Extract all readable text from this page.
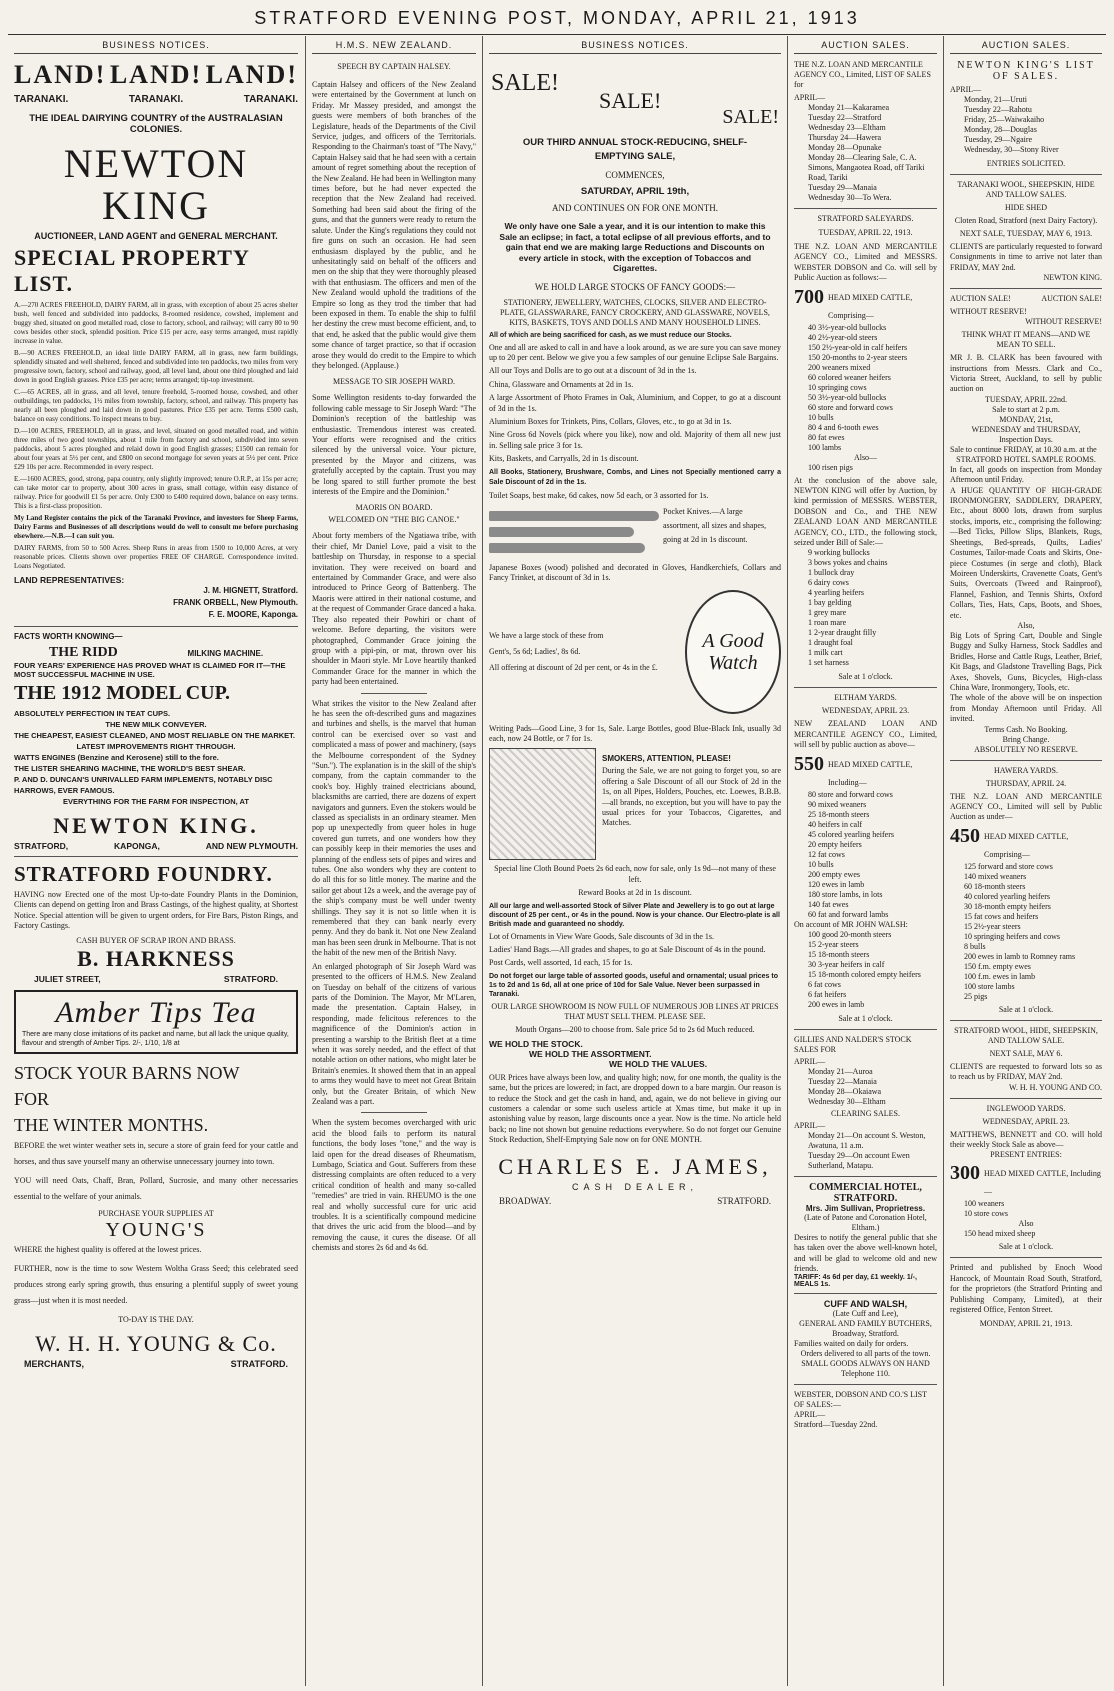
STRATFORD EVENING POST, MONDAY, APRIL 21, 1913
BUSINESS NOTICES.
LAND! LAND! LAND!
TARANAKI.	TARANAKI.	TARANAKI.
THE IDEAL DAIRYING COUNTRY of the AUSTRALASIAN COLONIES.
NEWTON KING
AUCTIONEER, LAND AGENT and GENERAL MERCHANT.
SPECIAL PROPERTY LIST.

A.—270 ACRES FREEHOLD, DAIRY FARM, all in grass, with exception of about 25 acres shelter bush, well fenced and subdivided into paddocks, 8-roomed residence, cowshed, implement and buggy shed, situated on good metalled road, close to factory, school, and railway; will carry 80 to 90 cows besides other stock, splendid position. Price £15 per acre, easy terms arranged, must rapidly increase in value.

B.—90 ACRES FREEHOLD, an ideal little DAIRY FARM, all in grass, new farm buildings, splendidly situated and well sheltered, fenced and subdivided into ten paddocks, two miles from very progressive town, factory, school and railway, good, all level land, about one third ploughed and laid down in good English grasses. Price £35 per acre; terms arranged; tip-top investment.

C.—65 ACRES, all in grass, and all level, tenure freehold, 5-roomed house, cowshed, and other outbuildings, ten paddocks, 1½ miles from township, factory, school, and railway. This property has nearly all been ploughed and laid down in good pastures. Price £35 per acre. Terms £500 cash, balance on easy conditions. To inspect means to buy.

D.—100 ACRES, FREEHOLD, all in grass, and level, situated on good metalled road, and within three miles of two good townships, about 1 mile from factory and school, subdivided into seven paddocks, about 5 acres ploughed and relaid down in good English grasses; £1500 can remain for about four years at 5½ per cent, and £800 on second mortgage for seven years at 5½ per cent. Price £29 10s per acre. Recommended in every respect.

E.—1600 ACRES, good, strong, papa country, only slightly improved; tenure O.R.P., at 15s per acre; can take motor car to property, about 300 acres in grass, small cottage, within easy distance of railway. Price for goodwill £1 5s per acre. Only £300 to £400 required down, balance on easy terms. This is a first-class proposition.

My Land Register contains the pick of the Taranaki Province, and investors for Sheep Farms, Dairy Farms and Businesses of all descriptions would do well to consult me before purchasing elsewhere.—N.B.—I can suit you.

DAIRY FARMS, from 50 to 500 Acres. Sheep Runs in areas from 1500 to 10,000 Acres, at very reasonable prices. Clients shown over properties FREE OF CHARGE. Correspondence invited. Loans Negotiated.

LAND REPRESENTATIVES:
J. M. HIGNETT, Stratford.
FRANK ORBELL, New Plymouth.
F. E. MOORE, Kaponga.
FACTS WORTH KNOWING—
THE RIDD	MILKING MACHINE.
FOUR YEARS' EXPERIENCE HAS PROVED WHAT IS CLAIMED FOR IT—THE MOST SUCCESSFUL MACHINE IN USE.
THE 1912 MODEL CUP.
ABSOLUTELY PERFECTION IN TEAT CUPS.
THE NEW MILK CONVEYER.
THE CHEAPEST, EASIEST CLEANED, AND MOST RELIABLE ON THE MARKET.
LATEST IMPROVEMENTS RIGHT THROUGH.
WATTS ENGINES (Benzine and Kerosene) still to the fore.
THE LISTER SHEARING MACHINE, THE WORLD'S BEST SHEAR.
P. AND D. DUNCAN'S UNRIVALLED FARM IMPLEMENTS, NOTABLY DISC HARROWS, EVER FAMOUS.
EVERYTHING FOR THE FARM FOR INSPECTION, AT
NEWTON KING.
STRATFORD,	KAPONGA,	AND NEW PLYMOUTH.
STRATFORD FOUNDRY.
HAVING now Erected one of the most Up-to-date Foundry Plants in the Dominion, Clients can depend on getting Iron and Brass Castings, of the highest quality, at Shortest Notice. Special attention will be given to urgent orders, for Fire Bars, Piston Rings, and Factory Castings.
CASH BUYER OF SCRAP IRON AND BRASS.
B. HARKNESS
JULIET STREET,	STRATFORD.
Amber Tips Tea
There are many close imitations of its packet and name, but all lack the unique quality, flavour and strength of Amber Tips. 2/-, 1/10, 1/8 at
STOCK YOUR BARNS NOW
FOR
THE WINTER MONTHS.

BEFORE the wet winter weather sets in, secure a store of grain feed for your cattle and horses, and thus save yourself many an otherwise unnecessary journey into town.

YOU will need Oats, Chaff, Bran, Pollard, Sucrosie, and many other necessaries essential to the welfare of your animals.

PURCHASE YOUR SUPPLIES AT
YOUNG'S

WHERE the highest quality is offered at the lowest prices.

FURTHER, now is the time to sow Western Woltha Grass Seed; this celebrated seed produces strong early spring growth, thus ensuring a plentiful supply of sweet young grass—just when it is most needed.

TO-DAY IS THE DAY.
W. H. H. YOUNG & Co.
MERCHANTS,	STRATFORD.
H.M.S. NEW ZEALAND.
SPEECH BY CAPTAIN HALSEY.

Captain Halsey and officers of the New Zealand were entertained by the Government at lunch on Friday. Mr Massey presided, and amongst the guests were members of both branches of the Legislature, heads of the Departments of the Civil Service, judges, and officers of the Territorials. Responding to the Chairman's toast of "The Navy," Captain Halsey said that he had seen with a certain amount of regret something about the reception of the New Zealand. He had been in Wellington many times before, but he had never expected the reception that the New Zealand had received. Something had been said about the firing of the guns, and that the gunners were ready to return the salute. Under the King's regulations they could not fire guns on such an occasion. He had seen enthusiasm displayed by the public, and he unhesitatingly said on behalf of the officers and men on the ship that they were thoroughly pleased with that enthusiasm. The officers and men of the New Zealand would uphold the traditions of the Empire so long as they trod the timber that had been exposed in them. To enable the ship to fulfil her destiny the crew must become efficient, and, to that end, he asked that the public would give them some chance of target practice, so that if occasion arose they would do credit to the Empire to which they belonged. (Applause.)

MESSAGE TO SIR JOSEPH WARD.

Some Wellington residents to-day forwarded the following cable message to Sir Joseph Ward: "The Dominion's reception of the battleship was enthusiastic. Tremendous interest was created. Your efforts were recognised and the critics silenced by the universal voice. Your picture, presented by the Mayor and citizens, was gratefully accepted by the captain. Trust you may be long spared to still further promote the best interests of the Empire and the Dominion."

MAORIS ON BOARD.
WELCOMED ON "THE BIG CANOE."

About forty members of the Ngatiawa tribe, with their chief, Mr Daniel Love, paid a visit to the battleship on Thursday, in response to a special invitation. They were received on board and entertained by Commander Grace, and were also introduced to Prince Georg of Battenberg. The Maoris were attired in their national costume, and at the request of Commander Grace danced a haka. They also repeated their Powhiri or chant of welcome. Before departing, the visitors were photographed, Commander Grace joining the group with a pipi-pin, or mat, thrown over his shoulder in Maori style. Mr Love heartily thanked Commander Grace for the manner in which the party had been entertained.

What strikes the visitor to the New Zealand after he has seen the oft-described guns and magazines and turbines and shells, is the marvel that human control can be exercised over so vast and complicated a mass of power and machinery, (says the Melbourne correspondent of the Sydney "Sun."). The explanation is in the skill of the ship's company, from the captain commander to the cook's boy. Highly trained electricians abound, blacksmiths are carried, there are dozens of expert navigators and gunners. Even the stokers would be classed as specialists in an ordinary steamer. Men pop up unexpectedly from queer holes in huge covered gun turrets, and one wonders how they can possibly keep in their memories the uses and planning of the endless sets of pipes and wires and tubes. One also wonders why they are content to do all this for so little money. The marine and the sailor get about 12s a week, and the average pay of the ship's company must be well under twenty shillings. They say it is not so little when it is remembered that they can bank nearly every penny. And they do bank it. Not one New Zealand man has been seen drunk in Melbourne. That is not the habit of the new men of the British Navy.

An enlarged photograph of Sir Joseph Ward was presented to the officers of H.M.S. New Zealand on Tuesday on behalf of the citizens of various parts of the Dominion. The Mayor, Mr M'Laren, made the presentation. Captain Halsey, in responding, made felicitous references to the magnificence of the Dominion's action in presenting a warship to the British fleet at a time when it was sorely needed, and the effect of that notable action on other nations, who might later be Britain's enemies. It showed them that in an appeal to arms they would have to meet not Great Britain only, but the Greater Britain, of which New Zealand was a part.

When the system becomes overcharged with uric acid the blood fails to perform its natural functions, the body loses "tone," and the way is laid open for the dread diseases of Rheumatism, Lumbago, Sciatica and Gout. Sufferers from these distressing complaints are often reduced to a very critical condition of health and many so-called "remedies" are tried in vain. RHEUMO is the one real and wholly successful cure for uric acid troubles. It is a scientifically compound medicine that drives the uric acid from the blood—and by removing the cause, it cures the disease. Of all chemists and stores 2s 6d and 4s 6d.

BUSINESS NOTICES.
SALE!
SALE!
SALE!
OUR THIRD ANNUAL STOCK-REDUCING, SHELF-EMPTYING SALE,
COMMENCES,
SATURDAY, APRIL 19th,
AND CONTINUES ON FOR ONE MONTH.
We only have one Sale a year, and it is our intention to make this Sale an eclipse; in fact, a total eclipse of all previous efforts, and to gain that end we are making large Reductions and Discounts on every article in stock, with the exception of Tobaccos and Cigarettes.
WE HOLD LARGE STOCKS OF FANCY GOODS:—
STATIONERY, JEWELLERY, WATCHES, CLOCKS, SILVER AND ELECTRO-PLATE, GLASSWARARE, FANCY CROCKERY, AND GLASSWARE, NOVELS, KITS, BASKETS, TOYS AND DOLLS AND MANY HOUSEHOLD LINES.
All of which are being sacrificed for cash, as we must reduce our Stocks.

One and all are asked to call in and have a look around, as we are sure you can save money up to 20 per cent. Below we give you a few samples of our genuine Eclipse Sale Bargains.

All our Toys and Dolls are to go out at a discount of 3d in the 1s.

China, Glassware and Ornaments at 2d in 1s.

A large Assortment of Photo Frames in Oak, Aluminium, and Copper, to go at a discount of 3d in the 1s.

Aluminium Boxes for Trinkets, Pins, Collars, Gloves, etc., to go at 3d in 1s.

Nine Gross 6d Novels (pick where you like), now and old. Majority of them all new just in. Selling sale price 3 for 1s.

Kits, Baskets, and Carryalls, 2d in 1s discount.

All Books, Stationery, Brushware, Combs, and Lines not Specially mentioned carry a Sale Discount of 2d in the 1s.

Toilet Soaps, best make, 6d cakes, now 5d each, or 3 assorted for 1s.

Pocket Knives.—A large assortment, all sizes and shapes, going at 2d in 1s discount.
Japanese Boxes (wood) polished and decorated in Gloves, Handkerchiefs, Collars and Fancy Trinket, at discount of 3d in 1s.
We have a large stock of these from
Gent's, 5s 6d; Ladies', 8s 6d.
All offering at discount of 2d per cent, or 4s in the £.
A Good Watch
Writing Pads—Good Line, 3 for 1s, Sale. Large Bottles, good Blue-Black Ink, usually 3d each, now 24 Bottle, or 7 for 1s.
SMOKERS, ATTENTION, PLEASE!
During the Sale, we are not going to forget you, so are offering a Sale Discount of all our Stock of 2d in the 1s, on all Pipes, Holders, Pouches, etc. Loewes, B.B.B.—all brands, no exception, but you will have to pay the usual prices for your Tobaccos, Cigarettes, and Matches.

Special line Cloth Bound Poets 2s 6d each, now for sale, only 1s 9d—not many of these left.

Reward Books at 2d in 1s discount.

All our large and well-assorted Stock of Silver Plate and Jewellery is to go out at large discount of 25 per cent., or 4s in the pound. Now is your chance. Our Electro-plate is all British made and guaranteed no shoddy.

Lot of Ornaments in View Ware Goods, Sale discounts of 3d in the 1s.

Ladies' Hand Bags.—All grades and shapes, to go at Sale Discount of 4s in the pound.

Post Cards, well assorted, 1d each, 15 for 1s.

Do not forget our large table of assorted goods, useful and ornamental; usual prices to 1s to 2d and 1s 6d, all at one price of 10d for Sale Value. Never been surpassed in Taranaki.
OUR LARGE SHOWROOM IS NOW FULL OF NUMEROUS JOB LINES AT PRICES THAT MUST SELL THEM. PLEASE SEE.
Mouth Organs—200 to choose from. Sale price 5d to 2s 6d Much reduced.
WE HOLD THE STOCK.
WE HOLD THE ASSORTMENT.
WE HOLD THE VALUES.
OUR Prices have always been low, and quality high; now, for one month, the quality is the same, but the prices are lowered; in fact, are dropped down to a bare margin. Our reason is to reduce the Stock and get the cash in hand, and, again, we do not believe in giving our customers a calendar or some such useless article at Xmas time, but make it up in astonishing value by reason, large discounts once a year. Now is the time. No article held back; no line not shown but genuine reductions everywhere. So do not forget our Genuine Stock Reduction, Shelf-Emptying Sale now on for ONE MONTH.
CHARLES E. JAMES,
CASH DEALER,
BROADWAY.	STRATFORD.
AUCTION SALES.
THE N.Z. LOAN AND MERCANTILE AGENCY CO., Limited, LIST OF SALES for
APRIL—
Monday 21—Kakaramea
Tuesday 22—Stratford
Wednesday 23—Eltham
Thursday 24—Hawera
Monday 28—Opunake
Monday 28—Clearing Sale, C. A. Simons, Mangaotea Road, off Tariki Road, Tariki
Tuesday 29—Manaia
Wednesday 30—To Wera.
STRATFORD SALEYARDS.
TUESDAY, APRIL 22, 1913.
THE N.Z. LOAN AND MERCANTILE AGENCY CO., Limited and MESSRS. WEBSTER DOBSON and Co. will sell by Public Auction as follows:—
700 HEAD MIXED CATTLE, Comprising—
40 3½-year-old bullocks
40 2½-year-old steers
150 2½-year-old in calf heifers
150 20-months to 2-year steers
200 weaners mixed
60 colored weaner heifers
10 springing cows
50 3½-year-old bullocks
60 store and forward cows
10 bulls
80 4 and 6-tooth ewes
80 fat ewes
100 lambs
Also—
100 risen pigs
At the conclusion of the above sale, NEWTON KING will offer by Auction, by kind permission of MESSRS. WEBSTER, DOBSON and Co., and THE NEW ZEALAND LOAN AND MERCANTILE AGENCY, CO., LTD., the following stock, seized under Bill of Sale:—
9 working bullocks
3 bows yokes and chains
1 bullock dray
6 dairy cows
4 yearling heifers
1 bay gelding
1 grey mare
1 roan mare
1 2-year draught filly
1 draught foal
1 milk cart
1 set harness
Sale at 1 o'clock.
ELTHAM YARDS.
WEDNESDAY, APRIL 23.
NEW ZEALAND LOAN AND MERCANTILE AGENCY CO., Limited, will sell by public auction as above—
550 HEAD MIXED CATTLE, Including—
80 store and forward cows
90 mixed weaners
25 18-month steers
40 heifers in calf
45 colored yearling heifers
20 empty heifers
12 fat cows
10 bulls
200 empty ewes
120 ewes in lamb
180 store lambs, in lots
140 fat ewes
60 fat and forward lambs
On account of MR JOHN WALSH:
100 good 20-month steers
15 2-year steers
15 18-month steers
30 3-year heifers in calf
15 18-month colored empty heifers
6 fat cows
6 fat heifers
200 ewes in lamb
Sale at 1 o'clock.
GILLIES AND NALDER'S STOCK SALES FOR
APRIL—
Monday 21—Auroa
Tuesday 22—Manaia
Monday 28—Okaiawa
Wednesday 30—Eltham
CLEARING SALES.
APRIL—
Monday 21—On account S. Weston, Awatuna, 11 a.m.
Tuesday 29—On account Ewen Sutherland, Matapu.
COMMERCIAL HOTEL, STRATFORD.
Mrs. Jim Sullivan, Proprietress.
(Late of Patone and Coronation Hotel, Eltham.)
Desires to notify the general public that she has taken over the above well-known hotel, and will be glad to welcome old and new friends.
TARIFF: 4s 6d per day, £1 weekly. 1/-, MEALS 1s.
CUFF AND WALSH,
(Late Cuff and Lee),
GENERAL AND FAMILY BUTCHERS,
Broadway, Stratford.
Families waited on daily for orders.
Orders delivered to all parts of the town.
SMALL GOODS ALWAYS ON HAND
Telephone 110.
WEBSTER, DOBSON AND CO.'S LIST OF SALES:—
APRIL—
Stratford—Tuesday 22nd.
AUCTION SALES.
NEWTON KING'S LIST OF SALES.
APRIL—
Monday, 21—Uruti
Tuesday 22—Rahotu
Friday, 25—Waiwakaiho
Monday, 28—Douglas
Tuesday, 29—Ngaire
Wednesday, 30—Stony River
ENTRIES SOLICITED.
TARANAKI WOOL, SHEEPSKIN, HIDE AND TALLOW SALES.
HIDE SHED
Cloten Road, Stratford (next Dairy Factory).
NEXT SALE, TUESDAY, MAY 6, 1913.
CLIENTS are particularly requested to forward Consignments in time to arrive not later than FRIDAY, MAY 2nd.
NEWTON KING.
AUCTION SALE!	AUCTION SALE!
WITHOUT RESERVE!
WITHOUT RESERVE!
THINK WHAT IT MEANS—AND WE MEAN TO SELL.
MR J. B. CLARK has been favoured with instructions from Messrs. Clark and Co., Victoria Street, Auckland, to sell by public auction on
TUESDAY, APRIL 22nd.
Sale to start at 2 p.m.
MONDAY, 21st,
WEDNESDAY and THURSDAY,
Inspection Days.
Sale to continue FRIDAY, at 10.30 a.m. at the
STRATFORD HOTEL SAMPLE ROOMS.
In fact, all goods on inspection from Monday Afternoon until Friday.
A HUGE QUANTITY OF HIGH-GRADE IRONMONGERY, SADDLERY, DRAPERY, Etc., about 8000 lots, drawn from surplus stocks, imports, etc., comprising the following:—Bed Ticks, Pillow Slips, Blankets, Rugs, Sheetings, Bed-spreads, Quilts, Ladies' Costumes, Tailor-made Coats and Skirts, One-piece Costumes (in serge and cloth), Black Moireen Underskirts, Cravenette Coats, Gent's Suits, Overcoats (Tweed and Rainproof), Flannel, Fashion, and Tennis Shirts, Oxford Collars, Ties, Hats, Caps, Boots, and Shoes, etc.
Also,
Big Lots of Spring Cart, Double and Single Buggy and Sulky Harness, Stock Saddles and Bridles, Horse and Cattle Rugs, Leather, Brief, Kit Bags, and Gladstone Travelling Bags, Pick Axes, Shovels, Guns, Bicycles, High-class China Ware, Ironmongery, Tools, etc.
The whole of the above will be on inspection from Monday Afternoon until Friday. All invited.
Terms Cash. No Booking.
Bring Change.
ABSOLUTELY NO RESERVE.
HAWERA YARDS.
THURSDAY, APRIL 24.
THE N.Z. LOAN AND MERCANTILE AGENCY CO., Limited will sell by Public Auction as under—
450 HEAD MIXED CATTLE, Comprising—
125 forward and store cows
140 mixed weaners
60 18-month steers
40 colored yearling heifers
30 18-month empty heifers
15 fat cows and heifers
15 2½-year steers
10 springing heifers and cows
8 bulls
200 ewes in lamb to Romney rams
150 f.m. empty ewes
100 f.m. ewes in lamb
100 store lambs
25 pigs
Sale at 1 o'clock.
STRATFORD WOOL, HIDE, SHEEPSKIN, AND TALLOW SALE.
NEXT SALE, MAY 6.
CLIENTS are requested to forward lots so as to reach us by FRIDAY, MAY 2nd.
W. H. H. YOUNG AND CO.
INGLEWOOD YARDS.
WEDNESDAY, APRIL 23.
MATTHEWS, BENNETT and CO. will hold their weekly Stock Sale as above—
PRESENT ENTRIES:
300 HEAD MIXED CATTLE, Including—
100 weaners
10 store cows
Also
150 head mixed sheep
Sale at 1 o'clock.
Printed and published by Enoch Wood Hancock, of Mountain Road South, Stratford, for the proprietors (the Stratford Printing and Publishing Company, Limited), at their registered Office, Fenton Street.
MONDAY, APRIL 21, 1913.
